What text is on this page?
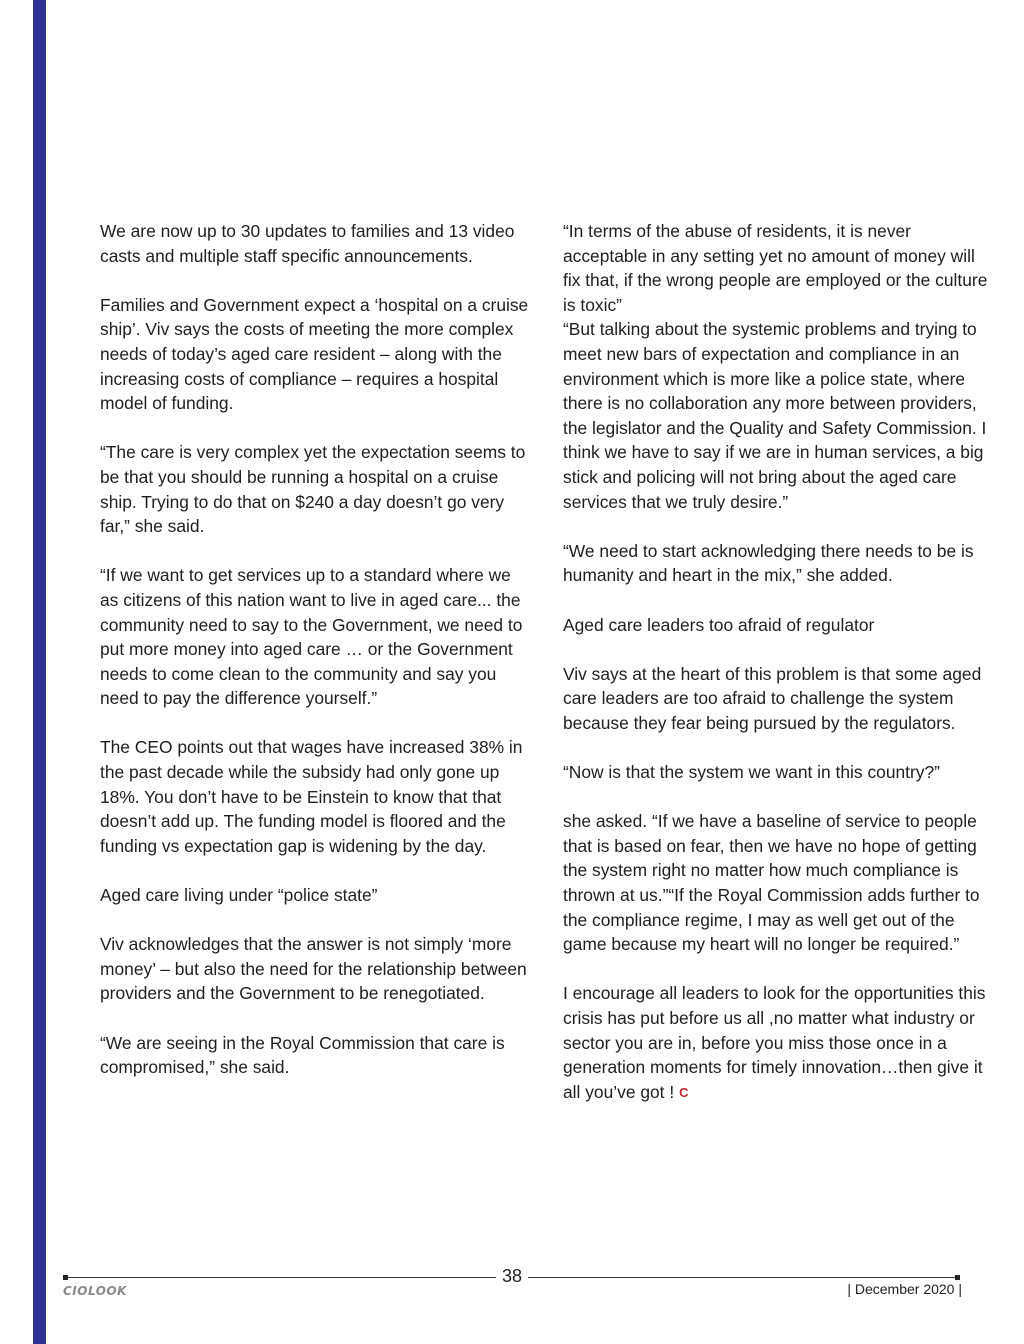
We are now up to 30 updates to families and 13 video casts and multiple staff specific announcements.

Families and Government expect a ‘hospital on a cruise ship’. Viv says the costs of meeting the more complex needs of today’s aged care resident – along with the increasing costs of compliance – requires a hospital model of funding.

“The care is very complex yet the expectation seems to be that you should be running a hospital on a cruise ship. Trying to do that on $240 a day doesn’t go very far,” she said.

“If we want to get services up to a standard where we as citizens of this nation want to live in aged care... the community need to say to the Government, we need to put more money into aged care … or the Government needs to come clean to the community and say you need to pay the difference yourself.”

The CEO points out that wages have increased 38% in the past decade while the subsidy had only gone up 18%. You don’t have to be Einstein to know that that doesn’t add up. The funding model is floored and the funding vs expectation gap is widening by the day.

Aged care living under “police state”

Viv acknowledges that the answer is not simply ‘more money’ – but also the need for the relationship between providers and the Government to be renegotiated.

“We are seeing in the Royal Commission that care is compromised,” she said.

“In terms of the abuse of residents, it is never acceptable in any setting yet no amount of money will fix that, if the wrong people are employed or the culture is toxic”

“But talking about the systemic problems and trying to meet new bars of expectation and compliance in an environment which is more like a police state, where there is no collaboration any more between providers, the legislator and the Quality and Safety Commission. I think we have to say if we are in human services, a big stick and policing will not bring about the aged care services that we truly desire.”

“We need to start acknowledging there needs to be is humanity and heart in the mix,” she added.

Aged care leaders too afraid of regulator

Viv says at the heart of this problem is that some aged care leaders are too afraid to challenge the system because they fear being pursued by the regulators.

“Now is that the system we want in this country?”

she asked. “If we have a baseline of service to people that is based on fear, then we have no hope of getting the system right no matter how much compliance is thrown at us.”“If the Royal Commission adds further to the compliance regime, I may as well get out of the game because my heart will no longer be required.”

I encourage all leaders to look for the opportunities this crisis has put before us all ,no matter what industry or sector you are in, before you miss those once in a generation moments for timely innovation…then give it all you’ve got ! C

38
CIOLOOK	| December 2020 |
